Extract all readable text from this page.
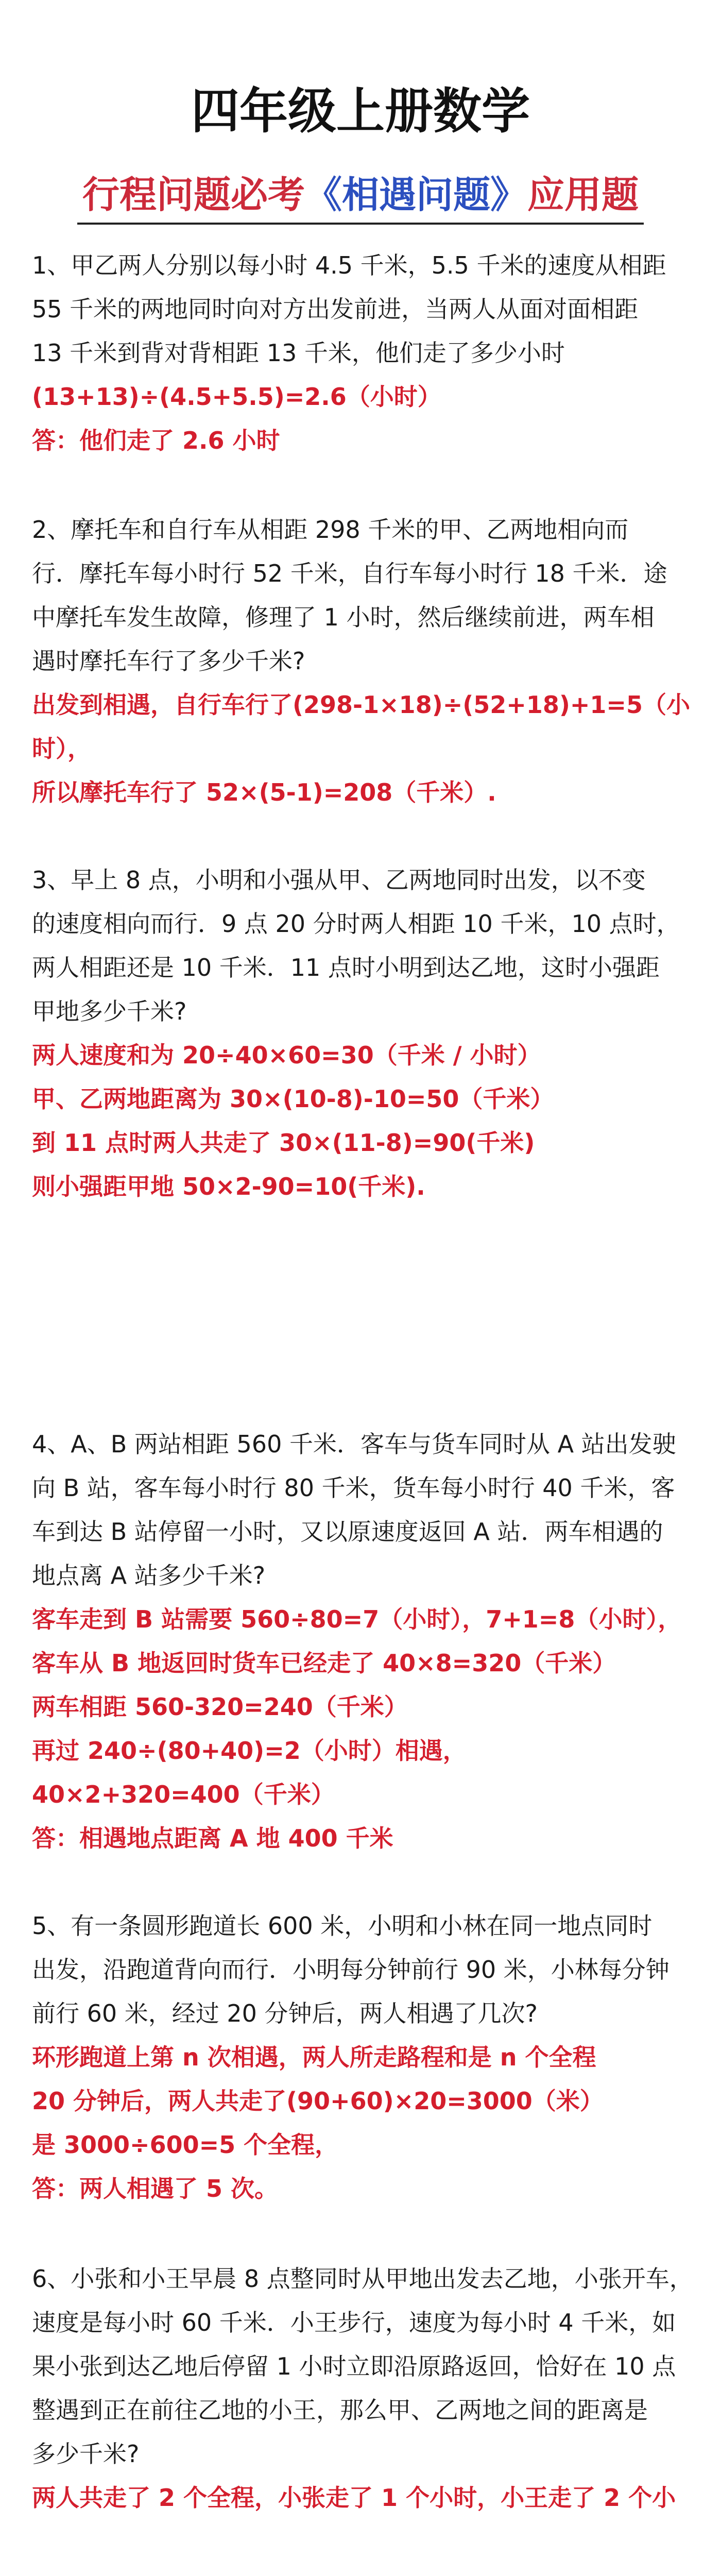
四年级上册数学
行程问题必考《相遇问题》应用题
1、甲乙两人分别以每小时 4.5 千米，5.5 千米的速度从相距
55 千米的两地同时向对方出发前进，当两人从面对面相距
13 千米到背对背相距 13 千米，他们走了多少小时
(13+13)÷(4.5+5.5)=2.6（小时）
答：他们走了 2.6 小时
2、摩托车和自行车从相距 298 千米的甲、乙两地相向而
行．摩托车每小时行 52 千米，自行车每小时行 18 千米．途
中摩托车发生故障，修理了 1 小时，然后继续前进，两车相
遇时摩托车行了多少千米?
出发到相遇，自行车行了(298-1×18)÷(52+18)+1=5（小
时），
所以摩托车行了 52×(5-1)=208（千米）.
3、早上 8 点，小明和小强从甲、乙两地同时出发，以不变
的速度相向而行．9 点 20 分时两人相距 10 千米，10 点时，
两人相距还是 10 千米．11 点时小明到达乙地，这时小强距
甲地多少千米?
两人速度和为 20÷40×60=30（千米 / 小时）
甲、乙两地距离为 30×(10-8)-10=50（千米）
到 11 点时两人共走了 30×(11-8)=90(千米)
则小强距甲地 50×2-90=10(千米).
4、A、B 两站相距 560 千米．客车与货车同时从 A 站出发驶
向 B 站，客车每小时行 80 千米，货车每小时行 40 千米，客
车到达 B 站停留一小时，又以原速度返回 A 站．两车相遇的
地点离 A 站多少千米?
客车走到 B 站需要 560÷80=7（小时），7+1=8（小时），
客车从 B 地返回时货车已经走了 40×8=320（千米）
两车相距 560-320=240（千米）
再过 240÷(80+40)=2（小时）相遇，
40×2+320=400（千米）
答：相遇地点距离 A 地 400 千米
5、有一条圆形跑道长 600 米，小明和小林在同一地点同时
出发，沿跑道背向而行．小明每分钟前行 90 米，小林每分钟
前行 60 米，经过 20 分钟后，两人相遇了几次?
环形跑道上第 n 次相遇，两人所走路程和是 n 个全程
20 分钟后，两人共走了(90+60)×20=3000（米）
是 3000÷600=5 个全程，
答：两人相遇了 5 次。
6、小张和小王早晨 8 点整同时从甲地出发去乙地，小张开车，
速度是每小时 60 千米．小王步行，速度为每小时 4 千米，如
果小张到达乙地后停留 1 小时立即沿原路返回，恰好在 10 点
整遇到正在前往乙地的小王，那么甲、乙两地之间的距离是
多少千米?
两人共走了 2 个全程，小张走了 1 个小时，小王走了 2 个小
